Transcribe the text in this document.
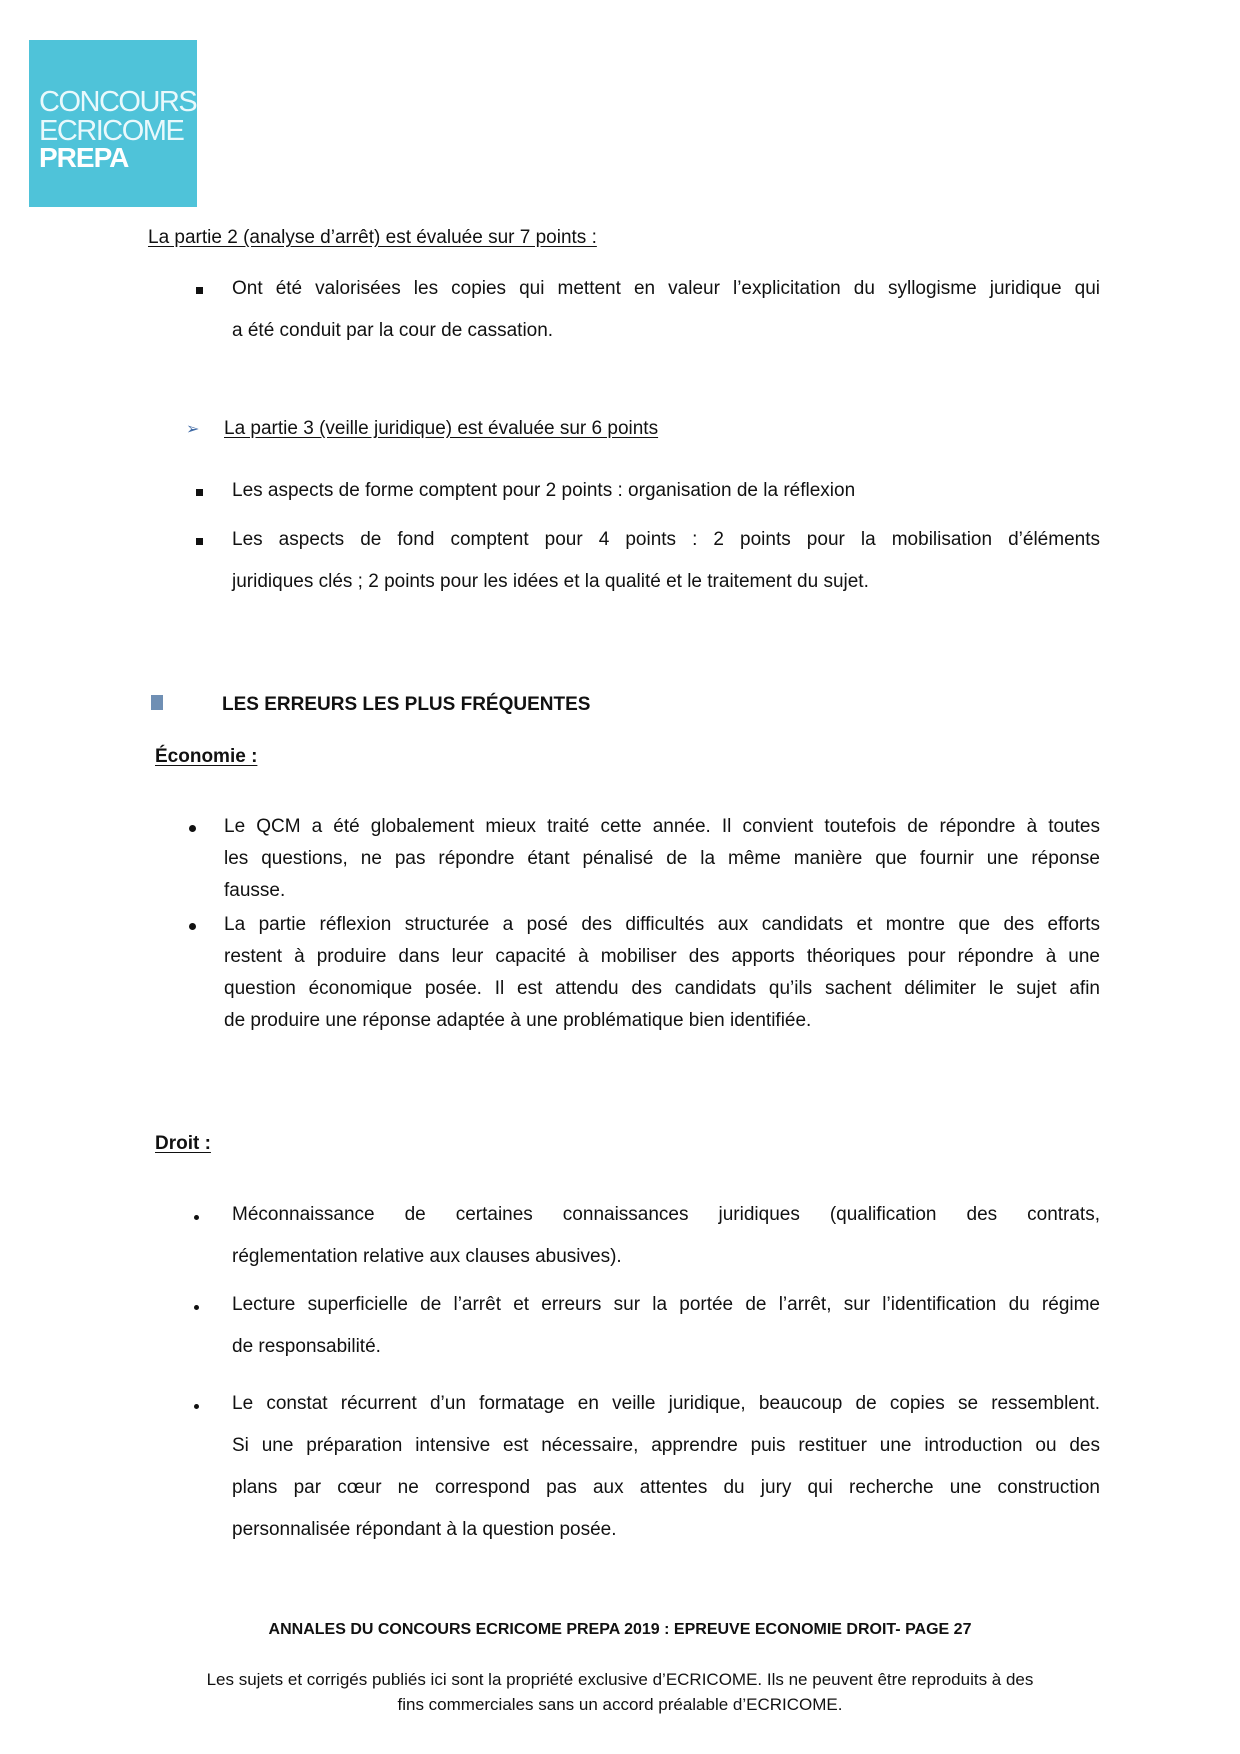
CONCOURS
ECRICOME
PREPA
La partie 2 (analyse d’arrêt) est évaluée sur 7 points :
Ont été valorisées les copies qui mettent en valeur l’explicitation du syllogisme juridique qui
a été conduit par la cour de cassation.
➢ La partie 3 (veille juridique) est évaluée sur 6 points
Les aspects de forme comptent pour 2 points : organisation de la réflexion
Les aspects de fond comptent pour 4 points : 2 points pour la mobilisation d’éléments
juridiques clés ; 2 points pour les idées et la qualité et le traitement du sujet.
LES ERREURS LES PLUS FRÉQUENTES
Économie :
Le QCM a été globalement mieux traité cette année. Il convient toutefois de répondre à toutes
les questions, ne pas répondre étant pénalisé de la même manière que fournir une réponse
fausse.
La partie réflexion structurée a posé des difficultés aux candidats et montre que des efforts
restent à produire dans leur capacité à mobiliser des apports théoriques pour répondre à une
question économique posée. Il est attendu des candidats qu’ils sachent délimiter le sujet afin
de produire une réponse adaptée à une problématique bien identifiée.
Droit :
Méconnaissance de certaines connaissances juridiques (qualification des contrats,
réglementation relative aux clauses abusives).
Lecture superficielle de l’arrêt et erreurs sur la portée de l’arrêt, sur l’identification du régime
de responsabilité.
Le constat récurrent d’un formatage en veille juridique, beaucoup de copies se ressemblent.
Si une préparation intensive est nécessaire, apprendre puis restituer une introduction ou des
plans par cœur ne correspond pas aux attentes du jury qui recherche une construction
personnalisée répondant à la question posée.
ANNALES DU CONCOURS ECRICOME PREPA 2019 : EPREUVE ECONOMIE DROIT- PAGE 27
Les sujets et corrigés publiés ici sont la propriété exclusive d’ECRICOME. Ils ne peuvent être reproduits à des
fins commerciales sans un accord préalable d’ECRICOME.
